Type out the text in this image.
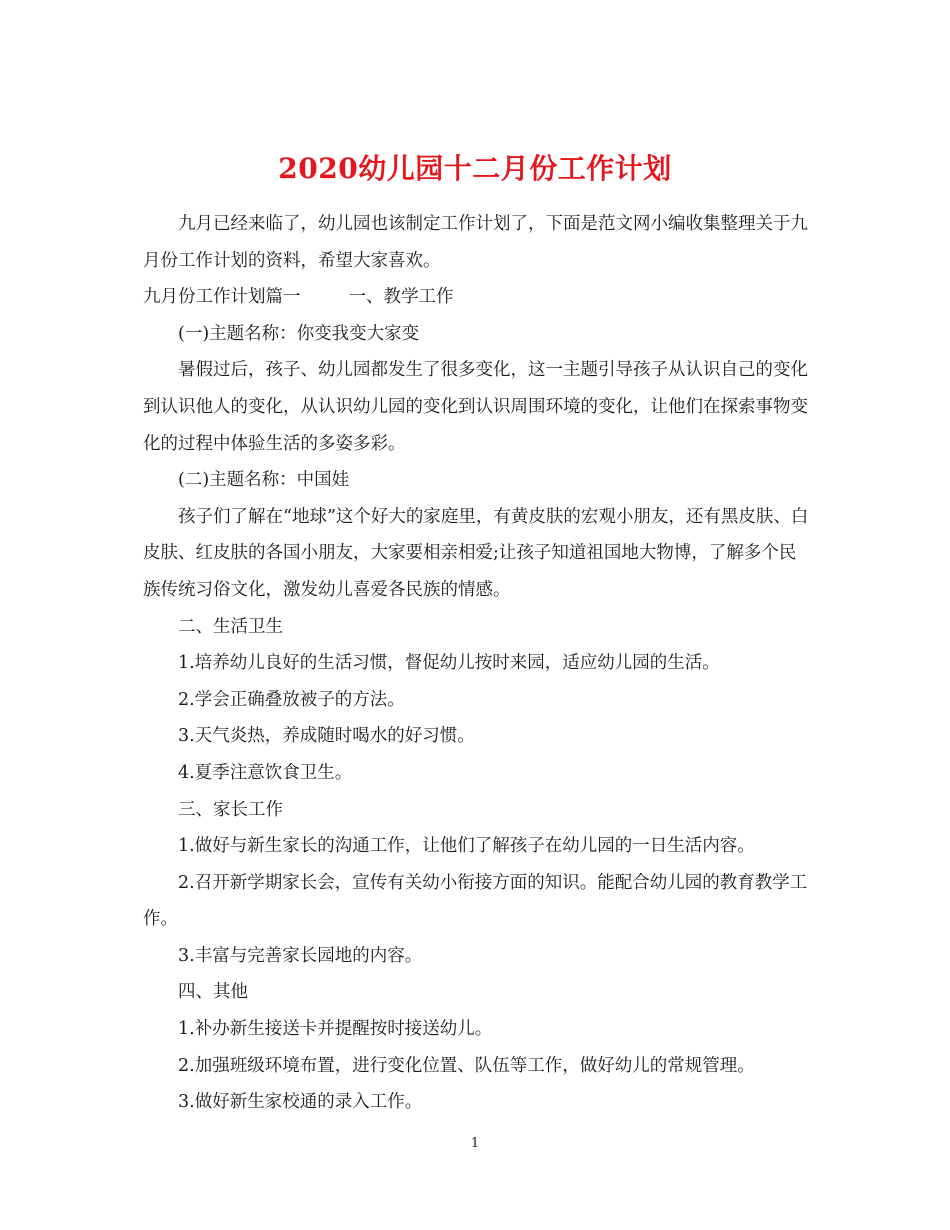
2020幼儿园十二月份工作计划

九月已经来临了，幼儿园也该制定工作计划了，下面是范文网小编收集整理关于九月份工作计划的资料，希望大家喜欢。

九月份工作计划篇一	一、教学工作

(一)主题名称：你变我变大家变

暑假过后，孩子、幼儿园都发生了很多变化，这一主题引导孩子从认识自己的变化到认识他人的变化，从认识幼儿园的变化到认识周围环境的变化，让他们在探索事物变化的过程中体验生活的多姿多彩。

(二)主题名称：中国娃

孩子们了解在“地球”这个好大的家庭里，有黄皮肤的宏观小朋友，还有黑皮肤、白皮肤、红皮肤的各国小朋友，大家要相亲相爱;让孩子知道祖国地大物博，了解多个民族传统习俗文化，激发幼儿喜爱各民族的情感。

二、生活卫生

1.培养幼儿良好的生活习惯，督促幼儿按时来园，适应幼儿园的生活。

2.学会正确叠放被子的方法。

3.天气炎热，养成随时喝水的好习惯。

4.夏季注意饮食卫生。

三、家长工作

1.做好与新生家长的沟通工作，让他们了解孩子在幼儿园的一日生活内容。

2.召开新学期家长会，宣传有关幼小衔接方面的知识。能配合幼儿园的教育教学工作。

3.丰富与完善家长园地的内容。

四、其他

1.补办新生接送卡并提醒按时接送幼儿。

2.加强班级环境布置，进行变化位置、队伍等工作，做好幼儿的常规管理。

3.做好新生家校通的录入工作。

1
